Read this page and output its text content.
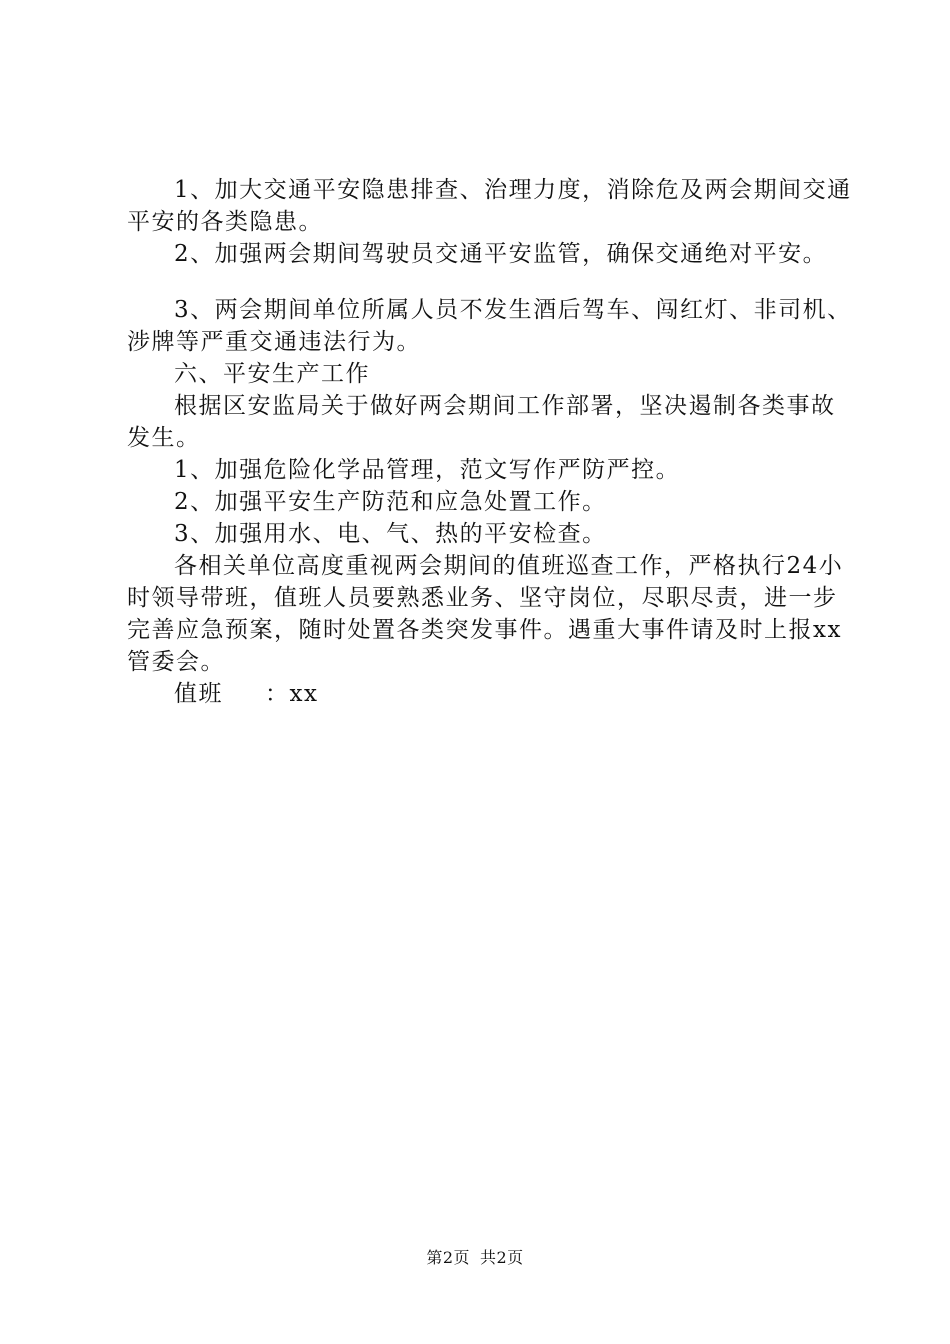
1、加大交通平安隐患排查、治理力度，消除危及两会期间交通平安的各类隐患。

2、加强两会期间驾驶员交通平安监管，确保交通绝对平安。

3、两会期间单位所属人员不发生酒后驾车、闯红灯、非司机、涉牌等严重交通违法行为。

六、平安生产工作

根据区安监局关于做好两会期间工作部署，坚决遏制各类事故发生。

1、加强危险化学品管理，范文写作严防严控。

2、加强平安生产防范和应急处置工作。

3、加强用水、电、气、热的平安检查。

各相关单位高度重视两会期间的值班巡查工作，严格执行24小时领导带班，值班人员要熟悉业务、坚守岗位，尽职尽责，进一步完善应急预案，随时处置各类突发事件。遇重大事件请及时上报xx管委会。

值班 ：xx

第2页 共2页
